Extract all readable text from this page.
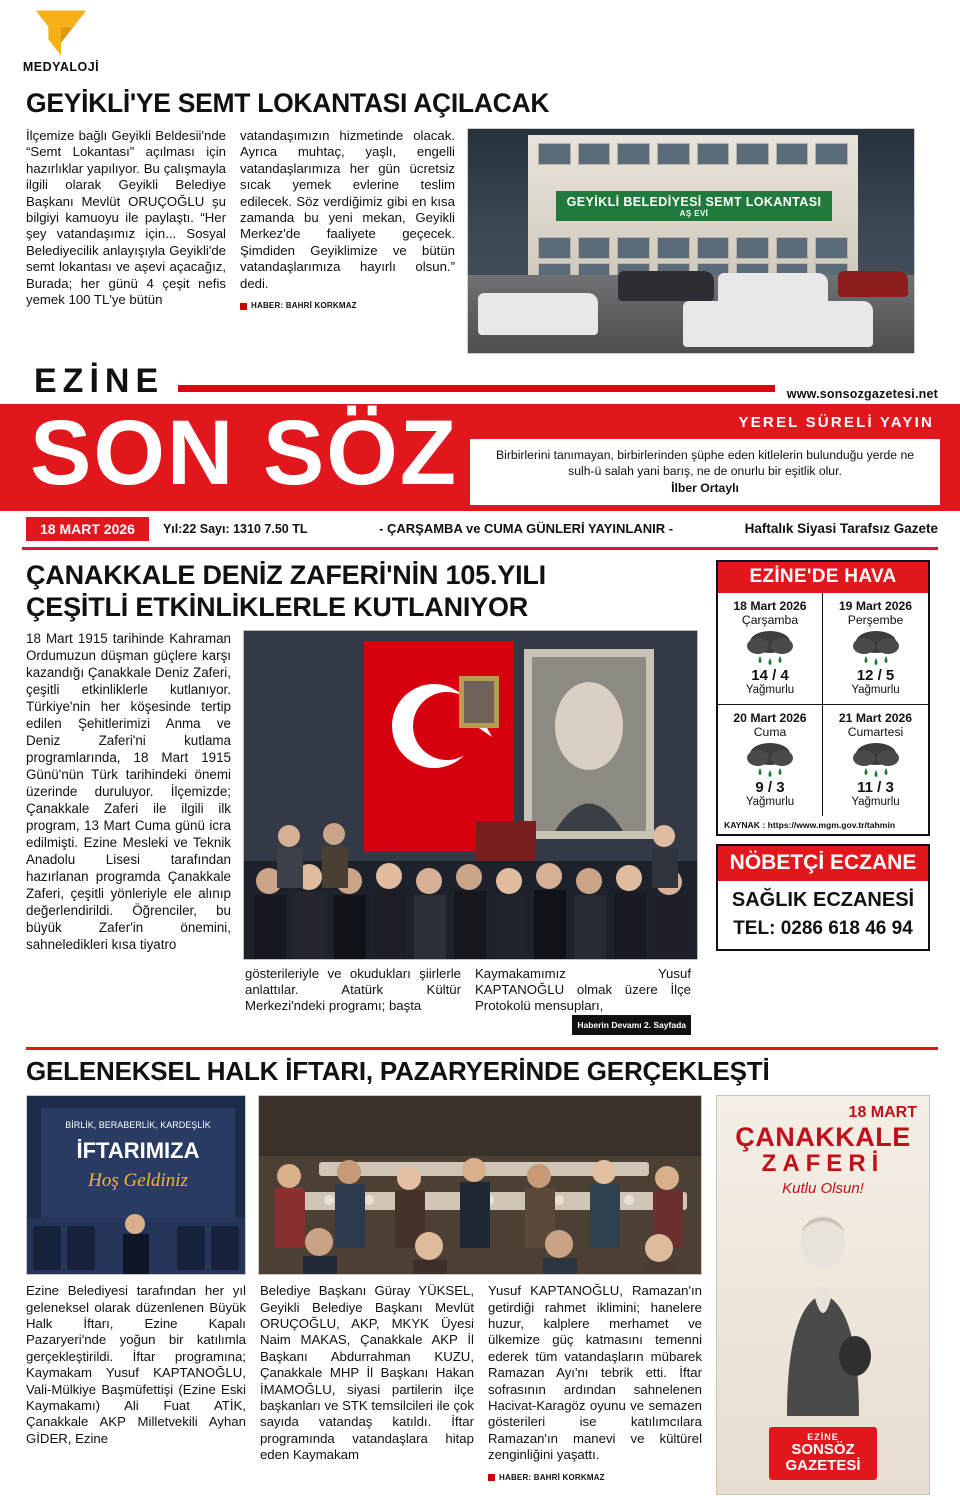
MEDYALOJİ
GEYİKLİ'YE SEMT LOKANTASI AÇILACAK
İlçemize bağlı Geyikli Beldesii'nde “Semt Lokantası” açılması için hazırlıklar yapılıyor. Bu çalışmayla ilgili olarak Geyikli Belediye Başkanı Mevlüt ORUÇOĞLU şu bilgiyi kamuoyu ile paylaştı. “Her şey vatandaşımız için... Sosyal Belediyecilik anlayışıyla Geyikli'de semt lokantası ve aşevi açacağız, Burada; her günü 4 çeşit nefis yemek 100 TL'ye bütün
vatandaşımızın hizmetinde olacak. Ayrıca muhtaç, yaşlı, engelli vatandaşlarımıza her gün ücretsiz sıcak yemek evlerine teslim edilecek. Söz verdiğimiz gibi en kısa zamanda bu yeni mekan, Geyikli Merkez'de faaliyete geçecek. Şimdiden Geyiklimize ve bütün vatandaşlarımıza hayırlı olsun.” dedi.
HABER: BAHRİ KORKMAZ
GEYİKLİ BELEDİYESİ SEMT LOKANTASI
AŞ EVİ
EZİNE	www.sonsozgazetesi.net
SON SÖZ	YEREL SÜRELİ YAYIN
Birbirlerini tanımayan, birbirlerinden şüphe eden kitlelerin bulunduğu yerde ne sulh-ü salah yani barış, ne de onurlu bir eşitlik olur.
İlber Ortaylı
18 MART 2026	Yıl:22 Sayı: 1310 7.50 TL	- ÇARŞAMBA ve CUMA GÜNLERİ YAYINLANIR -	Haftalık Siyasi Tarafsız Gazete
ÇANAKKALE DENİZ ZAFERİ'NİN 105.YILI
ÇEŞİTLİ ETKİNLİKLERLE KUTLANIYOR
18 Mart 1915 tarihinde Kahraman Ordumuzun düşman güçlere karşı kazandığı Çanakkale Deniz Zaferi, çeşitli etkinliklerle kutlanıyor. Türkiye'nin her köşesinde tertip edilen Şehitlerimizi Anma ve Deniz Zaferi'ni kutlama programlarında, 18 Mart 1915 Günü'nün Türk tarihindeki önemi üzerinde duruluyor. İlçemizde; Çanakkale Zaferi ile ilgili ilk program, 13 Mart Cuma günü icra edilmişti. Ezine Mesleki ve Teknik Anadolu Lisesi tarafından hazırlanan programda Çanakkale Zaferi, çeşitli yönleriyle ele alınıp değerlendirildi. Öğrenciler, bu büyük Zafer'in önemini, sahneledikleri kısa tiyatro
gösterileriyle ve okudukları şiirlerle anlattılar. Atatürk Kültür Merkezi'ndeki programı; başta
Kaymakamımız Yusuf KAPTANOĞLU olmak üzere İlçe Protokolü mensupları,
Haberin Devamı 2. Sayfada
EZİNE'DE HAVA
18 Mart 2026
Çarşamba
14 / 4
Yağmurlu
19 Mart 2026
Perşembe
12 / 5
Yağmurlu
20 Mart 2026
Cuma
9 / 3
Yağmurlu
21 Mart 2026
Cumartesi
11 / 3
Yağmurlu
KAYNAK : https://www.mgm.gov.tr/tahmin
NÖBETÇİ ECZANE
SAĞLIK ECZANESİ
TEL: 0286 618 46 94
GELENEKSEL HALK İFTARI, PAZARYERİNDE GERÇEKLEŞTİ
BİRLİK, BERABERLİK, KARDEŞLİK
İFTARIMIZA
Hoş Geldiniz
Ezine Belediyesi tarafından her yıl geleneksel olarak düzenlenen Büyük Halk İftarı, Ezine Kapalı Pazaryeri'nde yoğun bir katılımla gerçekleştirildi. İftar programına; Kaymakam Yusuf KAPTANOĞLU, Vali-Mülkiye Başmüfettişi (Ezine Eski Kaymakamı) Ali Fuat ATİK, Çanakkale AKP Milletvekili Ayhan GİDER, Ezine
Belediye Başkanı Güray YÜKSEL, Geyikli Belediye Başkanı Mevlüt ORUÇOĞLU, AKP, MKYK Üyesi Naim MAKAS, Çanakkale AKP İl Başkanı Abdurrahman KUZU, Çanakkale MHP İl Başkanı Hakan İMAMOĞLU, siyasi partilerin ilçe başkanları ve STK temsilcileri ile çok sayıda vatandaş katıldı. İftar programında vatandaşlara hitap eden Kaymakam
Yusuf KAPTANOĞLU, Ramazan'ın getirdiği rahmet iklimini; hanelere huzur, kalplere merhamet ve ülkemize güç katmasını temenni ederek tüm vatandaşların mübarek Ramazan Ayı'nı tebrik etti. İftar sofrasının ardından sahnelenen Hacivat-Karagöz oyunu ve semazen gösterileri ise katılımcılara Ramazan'ın manevi ve kültürel zenginliğini yaşattı.
HABER: BAHRİ KORKMAZ
18 MART
ÇANAKKALE
ZAFERİ
Kutlu Olsun!
EZİNE
SONSÖZ
GAZETESİ
